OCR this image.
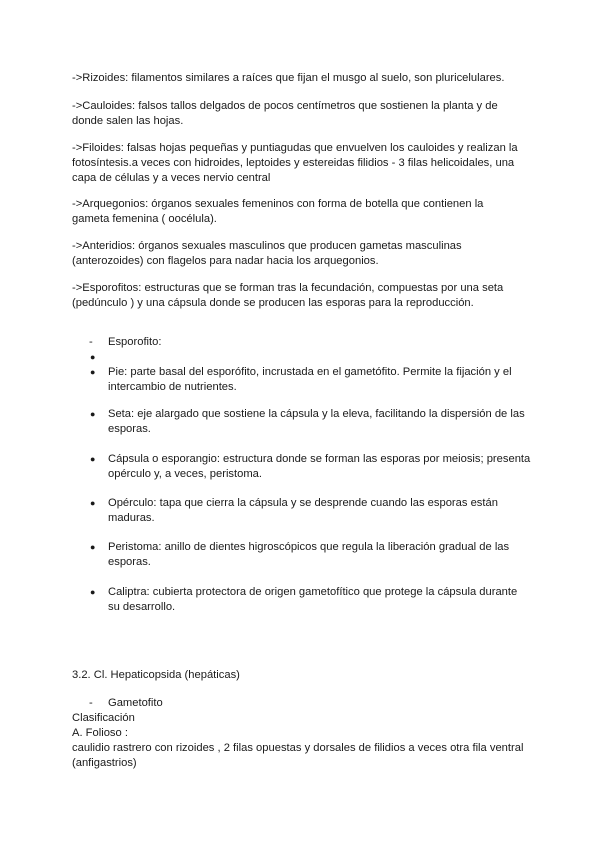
->Rizoides: filamentos similares a raíces que fijan el musgo al suelo, son pluricelulares.

->Cauloides: falsos tallos delgados de pocos centímetros que sostienen la planta y de donde salen las hojas.

->Filoides: falsas hojas pequeñas y puntiagudas que envuelven los cauloides y realizan la fotosíntesis.a veces con hidroides, leptoides y estereidas filidios - 3 filas helicoidales, una capa de células y a veces nervio central

->Arquegonios: órganos sexuales femeninos con forma de botella que contienen la gameta femenina ( oocélula).

->Anteridios: órganos sexuales masculinos que producen gametas masculinas (anterozoides) con flagelos para nadar hacia los arquegonios.

->Esporofitos: estructuras que se forman tras la fecundación, compuestas por una seta (pedúnculo ) y una cápsula donde se producen las esporas para la reproducción.

- Esporofito:
●
● Pie: parte basal del esporófito, incrustada en el gametófito. Permite la fijación y el intercambio de nutrientes.
● Seta: eje alargado que sostiene la cápsula y la eleva, facilitando la dispersión de las esporas.
● Cápsula o esporangio: estructura donde se forman las esporas por meiosis; presenta opérculo y, a veces, peristoma.
● Opérculo: tapa que cierra la cápsula y se desprende cuando las esporas están maduras.
● Peristoma: anillo de dientes higroscópicos que regula la liberación gradual de las esporas.
● Caliptra: cubierta protectora de origen gametofítico que protege la cápsula durante su desarrollo.

3.2. Cl. Hepaticopsida (hepáticas)

- Gametofito

Clasificación

A. Folioso :

caulidio rastrero con rizoides , 2 filas opuestas y dorsales de filidios a veces otra fila ventral (anfigastrios)
